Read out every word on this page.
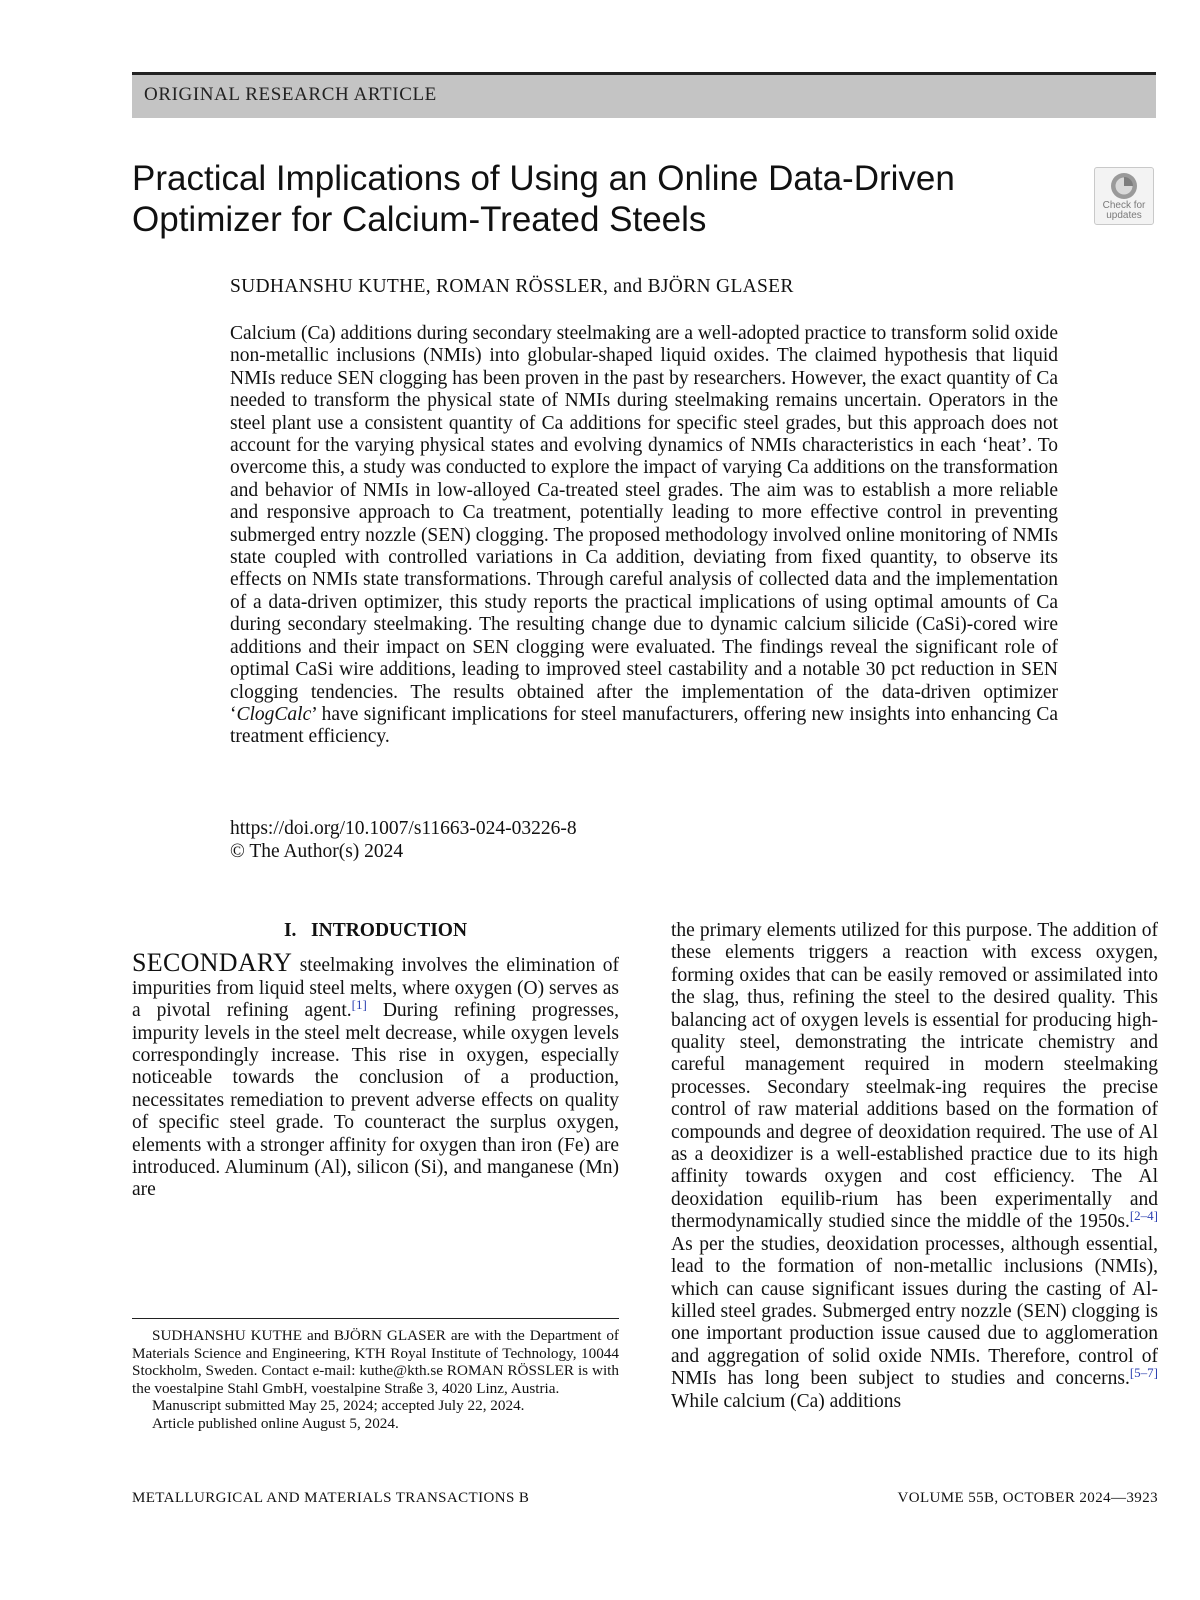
ORIGINAL RESEARCH ARTICLE
Practical Implications of Using an Online Data-Driven Optimizer for Calcium-Treated Steels	Check for
updates
SUDHANSHU KUTHE, ROMAN RÖSSLER, and BJÖRN GLASER

Calcium (Ca) additions during secondary steelmaking are a well-adopted practice to transform solid oxide non-metallic inclusions (NMIs) into globular-shaped liquid oxides. The claimed hypothesis that liquid NMIs reduce SEN clogging has been proven in the past by researchers. However, the exact quantity of Ca needed to transform the physical state of NMIs during steelmaking remains uncertain. Operators in the steel plant use a consistent quantity of Ca additions for specific steel grades, but this approach does not account for the varying physical states and evolving dynamics of NMIs characteristics in each ‘heat’. To overcome this, a study was conducted to explore the impact of varying Ca additions on the transformation and behavior of NMIs in low-alloyed Ca-treated steel grades. The aim was to establish a more reliable and responsive approach to Ca treatment, potentially leading to more effective control in preventing submerged entry nozzle (SEN) clogging. The proposed methodology involved online monitoring of NMIs state coupled with controlled variations in Ca addition, deviating from fixed quantity, to observe its effects on NMIs state transformations. Through careful analysis of collected data and the implementation of a data-driven optimizer, this study reports the practical implications of using optimal amounts of Ca during secondary steelmaking. The resulting change due to dynamic calcium silicide (CaSi)-cored wire additions and their impact on SEN clogging were evaluated. The findings reveal the significant role of optimal CaSi wire additions, leading to improved steel castability and a notable 30 pct reduction in SEN clogging tendencies. The results obtained after the implementation of the data-driven optimizer ‘ClogCalc’ have significant implications for steel manufacturers, offering new insights into enhancing Ca treatment efficiency.

https://doi.org/10.1007/s11663-024-03226-8
© The Author(s) 2024
I.   INTRODUCTION

SECONDARY steelmaking involves the elimination of impurities from liquid steel melts, where oxygen (O) serves as a pivotal refining agent.[1] During refining progresses, impurity levels in the steel melt decrease, while oxygen levels correspondingly increase. This rise in oxygen, especially noticeable towards the conclusion of a production, necessitates remediation to prevent adverse effects on quality of specific steel grade. To counteract the surplus oxygen, elements with a stronger affinity for oxygen than iron (Fe) are introduced. Aluminum (Al), silicon (Si), and manganese (Mn) are

the primary elements utilized for this purpose. The addition of these elements triggers a reaction with excess oxygen, forming oxides that can be easily removed or assimilated into the slag, thus, refining the steel to the desired quality. This balancing act of oxygen levels is essential for producing high-quality steel, demonstrating the intricate chemistry and careful management required in modern steelmaking processes. Secondary steelmak-ing requires the precise control of raw material additions based on the formation of compounds and degree of deoxidation required. The use of Al as a deoxidizer is a well-established practice due to its high affinity towards oxygen and cost efficiency. The Al deoxidation equilib-rium has been experimentally and thermodynamically studied since the middle of the 1950s.[2–4] As per the studies, deoxidation processes, although essential, lead to the formation of non-metallic inclusions (NMIs), which can cause significant issues during the casting of Al-killed steel grades. Submerged entry nozzle (SEN) clogging is one important production issue caused due to agglomeration and aggregation of solid oxide NMIs. Therefore, control of NMIs has long been subject to studies and concerns.[5–7] While calcium (Ca) additions

SUDHANSHU KUTHE and BJÖRN GLASER are with the Department of Materials Science and Engineering, KTH Royal Institute of Technology, 10044 Stockholm, Sweden. Contact e-mail: kuthe@kth.se ROMAN RÖSSLER is with the voestalpine Stahl GmbH, voestalpine Straße 3, 4020 Linz, Austria.

Manuscript submitted May 25, 2024; accepted July 22, 2024.

Article published online August 5, 2024.

METALLURGICAL AND MATERIALS TRANSACTIONS B	VOLUME 55B, OCTOBER 2024—3923
